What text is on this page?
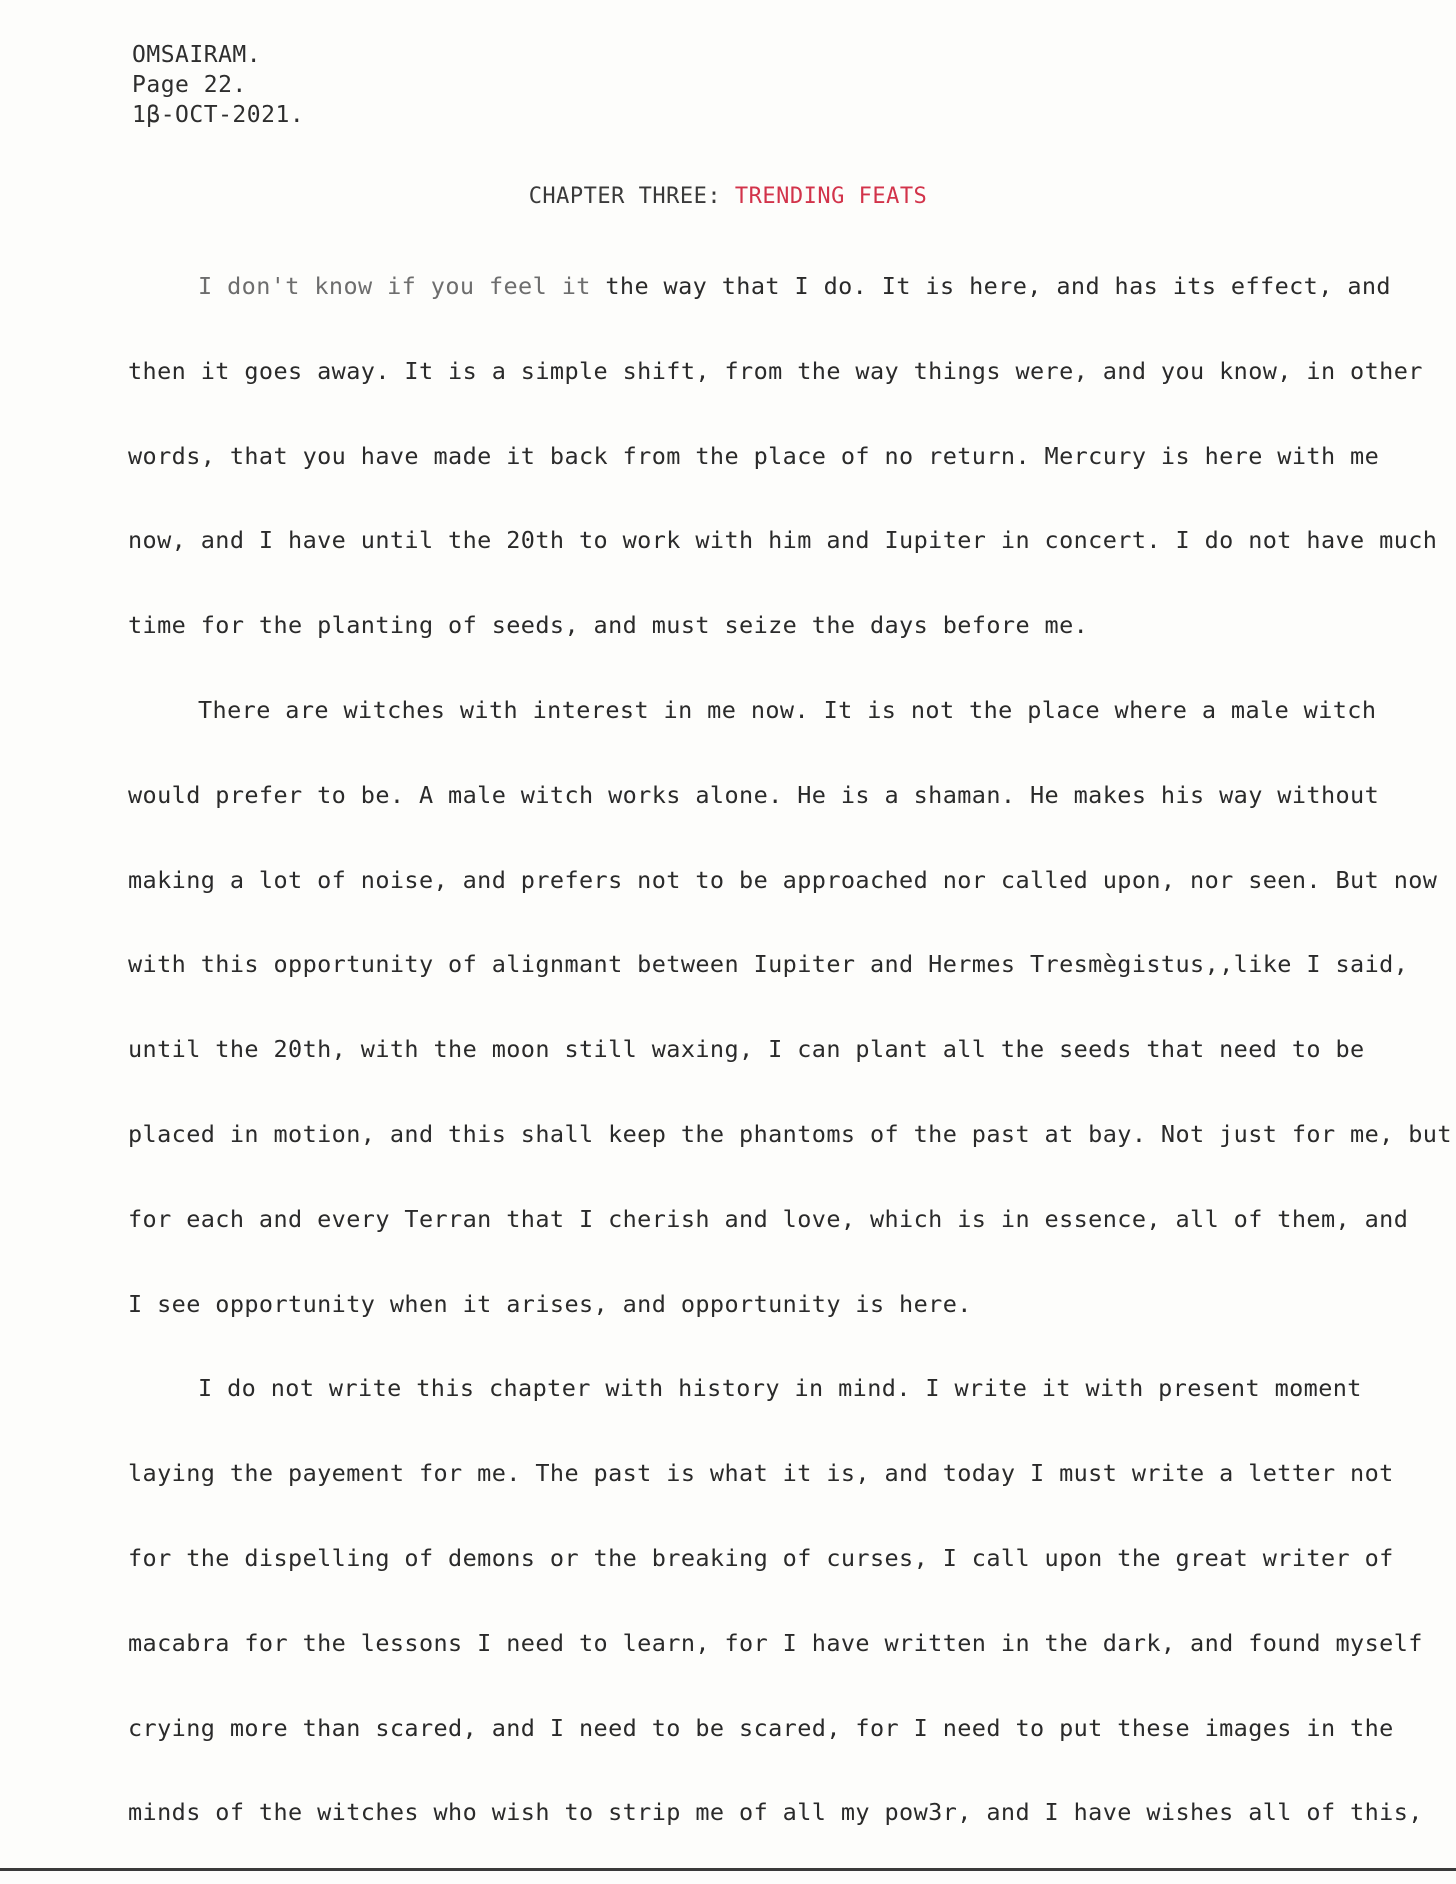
OMSAIRAM.
Page 22.
1β-OCT-2021.
CHAPTER THREE: TRENDING FEATS
I don't know if you feel it the way that I do. It is here, and has its effect, and
then it goes away. It is a simple shift, from the way things were, and you know, in other
words, that you have made it back from the place of no return. Mercury is here with me
now, and I have until the 20th to work with him and Iupiter in concert. I do not have much
time for the planting of seeds, and must seize the days before me.
There are witches with interest in me now. It is not the place where a male witch
would prefer to be. A male witch works alone. He is a shaman. He makes his way without
making a lot of noise, and prefers not to be approached nor called upon, nor seen. But now
with this opportunity of alignmant between Iupiter and Hermes Tresmègistus,,like I said,
until the 20th, with the moon still waxing, I can plant all the seeds that need to be
placed in motion, and this shall keep the phantoms of the past at bay. Not just for me, but
for each and every Terran that I cherish and love, which is in essence, all of them, and
I see opportunity when it arises, and opportunity is here.
I do not write this chapter with history in mind. I write it with present moment
laying the payement for me. The past is what it is, and today I must write a letter not
for the dispelling of demons or the breaking of curses, I call upon the great writer of
macabra for the lessons I need to learn, for I have written in the dark, and found myself
crying more than scared, and I need to be scared, for I need to put these images in the
minds of the witches who wish to strip me of all my pow3r, and I have wishes all of this,
